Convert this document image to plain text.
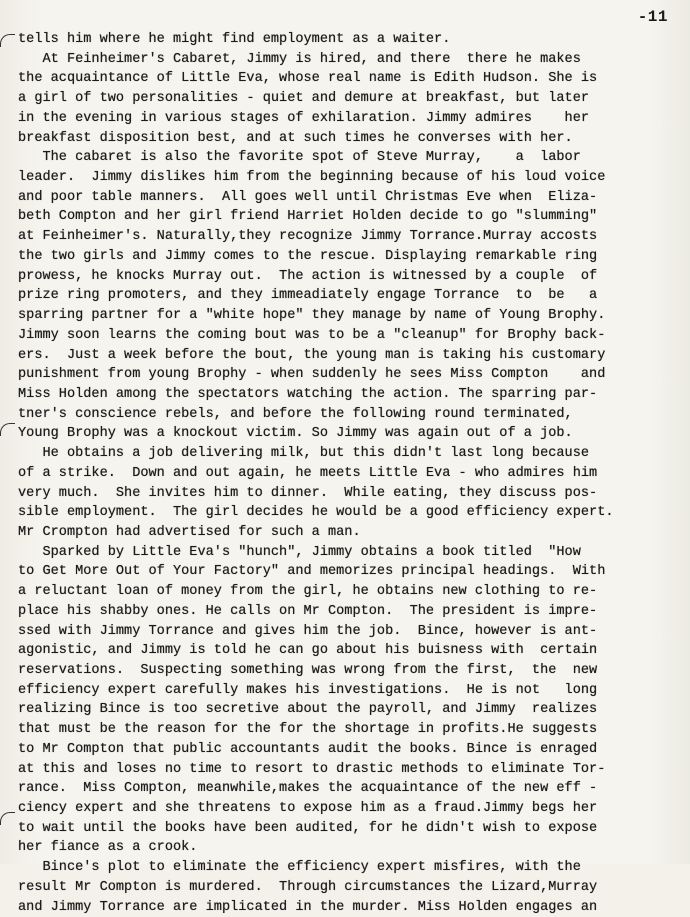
-11
tells him where he might find employment as a waiter.
At Feinheimer's Cabaret, Jimmy is hired, and there  there he makes
the acquaintance of Little Eva, whose real name is Edith Hudson. She is
a girl of two personalities - quiet and demure at breakfast, but later
in the evening in various stages of exhilaration. Jimmy admires    her
breakfast disposition best, and at such times he converses with her.
The cabaret is also the favorite spot of Steve Murray,    a  labor
leader.  Jimmy dislikes him from the beginning because of his loud voice
and poor table manners.  All goes well until Christmas Eve when  Eliza-
beth Compton and her girl friend Harriet Holden decide to go "slumming"
at Feinheimer's. Naturally,they recognize Jimmy Torrance.Murray accosts
the two girls and Jimmy comes to the rescue. Displaying remarkable ring
prowess, he knocks Murray out.  The action is witnessed by a couple  of
prize ring promoters, and they immeadiately engage Torrance  to  be   a
sparring partner for a "white hope" they manage by name of Young Brophy.
Jimmy soon learns the coming bout was to be a "cleanup" for Brophy back-
ers.  Just a week before the bout, the young man is taking his customary
punishment from young Brophy - when suddenly he sees Miss Compton    and
Miss Holden among the spectators watching the action. The sparring par-
tner's conscience rebels, and before the following round terminated,
Young Brophy was a knockout victim. So Jimmy was again out of a job.
He obtains a job delivering milk, but this didn't last long because
of a strike.  Down and out again, he meets Little Eva - who admires him
very much.  She invites him to dinner.  While eating, they discuss pos-
sible employment.  The girl decides he would be a good efficiency expert.
Mr Crompton had advertised for such a man.
Sparked by Little Eva's "hunch", Jimmy obtains a book titled  "How
to Get More Out of Your Factory" and memorizes principal headings.  With
a reluctant loan of money from the girl, he obtains new clothing to re-
place his shabby ones. He calls on Mr Compton.  The president is impre-
ssed with Jimmy Torrance and gives him the job.  Bince, however is ant-
agonistic, and Jimmy is told he can go about his buisness with  certain
reservations.  Suspecting something was wrong from the first,  the  new
efficiency expert carefully makes his investigations.  He is not   long
realizing Bince is too secretive about the payroll, and Jimmy  realizes
that must be the reason for the for the shortage in profits.He suggests
to Mr Compton that public accountants audit the books. Bince is enraged
at this and loses no time to resort to drastic methods to eliminate Tor-
rance.  Miss Compton, meanwhile,makes the acquaintance of the new eff -
ciency expert and she threatens to expose him as a fraud.Jimmy begs her
to wait until the books have been audited, for he didn't wish to expose
her fiance as a crook.
Bince's plot to eliminate the efficiency expert misfires, with the
result Mr Compton is murdered.  Through circumstances the Lizard,Murray
and Jimmy Torrance are implicated in the murder. Miss Holden engages an
